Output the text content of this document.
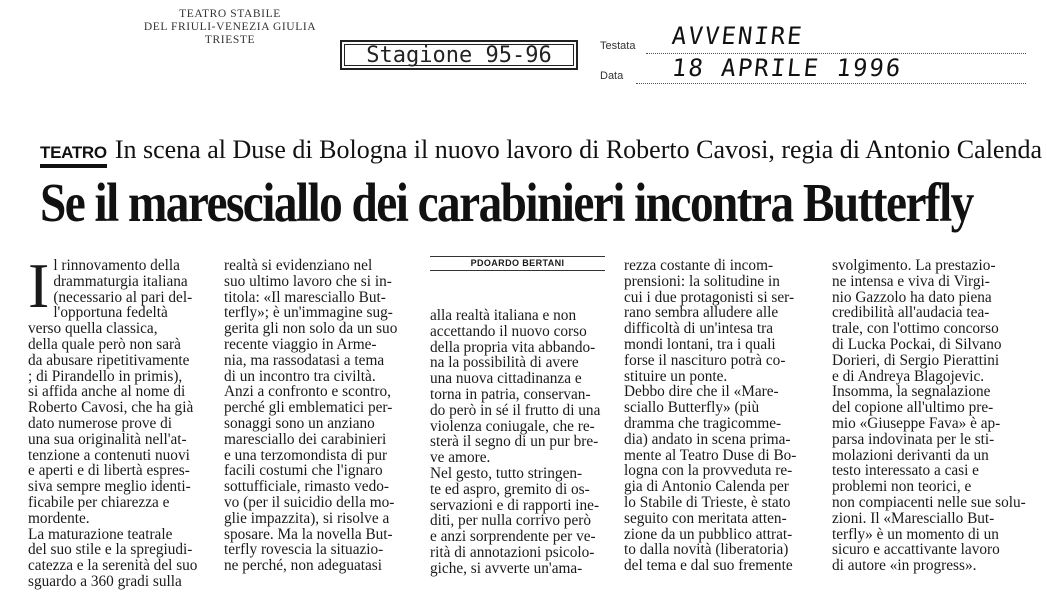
TEATRO STABILE
DEL FRIULI-VENEZIA GIULIA
TRIESTE
Stagione 95-96	Testata AVVENIRE
Data 18 APRILE 1996
TEATRO In scena al Duse di Bologna il nuovo lavoro di Roberto Cavosi, regia di Antonio Calenda
Se il maresciallo dei carabinieri incontra Butterfly
PDOARDO BERTANI
I l rinnovamento della
drammaturgia italiana
(necessario al pari del-
l'opportuna fedeltà
verso quella classica,
della quale però non sarà
da abusare ripetitivamente
; di Pirandello in primis),
si affida anche al nome di
Roberto Cavosi, che ha già
dato numerose prove di
una sua originalità nell'at-
tenzione a contenuti nuovi
e aperti e di libertà espres-
siva sempre meglio identi-
ficabile per chiarezza e
mordente.
La maturazione teatrale
del suo stile e la spregiudi-
catezza e la serenità del suo
sguardo a 360 gradi sulla
realtà si evidenziano nel
suo ultimo lavoro che si in-
titola: «Il maresciallo But-
terfly»; è un'immagine sug-
gerita gli non solo da un suo
recente viaggio in Arme-
nia, ma rassodatasi a tema
di un incontro tra civiltà.
Anzi a confronto e scontro,
perché gli emblematici per-
sonaggi sono un anziano
maresciallo dei carabinieri
e una terzomondista di pur
facili costumi che l'ignaro
sottufficiale, rimasto vedo-
vo (per il suicidio della mo-
glie impazzita), si risolve a
sposare. Ma la novella But-
terfly rovescia la situazio-
ne perché, non adeguatasi
alla realtà italiana e non
accettando il nuovo corso
della propria vita abbando-
na la possibilità di avere
una nuova cittadinanza e
torna in patria, conservan-
do però in sé il frutto di una
violenza coniugale, che re-
sterà il segno di un pur bre-
ve amore.
Nel gesto, tutto stringen-
te ed aspro, gremito di os-
servazioni e di rapporti ine-
diti, per nulla corrivo però
e anzi sorprendente per ve-
rità di annotazioni psicolo-
giche, si avverte un'ama-
rezza costante di incom-
prensioni: la solitudine in
cui i due protagonisti si ser-
rano sembra alludere alle
difficoltà di un'intesa tra
mondi lontani, tra i quali
forse il nascituro potrà co-
stituire un ponte.
Debbo dire che il «Mare-
sciallo Butterfly» (più
dramma che tragicomme-
dia) andato in scena prima-
mente al Teatro Duse di Bo-
logna con la provveduta re-
gia di Antonio Calenda per
lo Stabile di Trieste, è stato
seguito con meritata atten-
zione da un pubblico attrat-
to dalla novità (liberatoria)
del tema e dal suo fremente
svolgimento. La prestazio-
ne intensa e viva di Virgi-
nio Gazzolo ha dato piena
credibilità all'audacia tea-
trale, con l'ottimo concorso
di Lucka Pockai, di Silvano
Dorieri, di Sergio Pierattini
e di Andreya Blagojevic.
Insomma, la segnalazione
del copione all'ultimo pre-
mio «Giuseppe Fava» è ap-
parsa indovinata per le sti-
molazioni derivanti da un
testo interessato a casi e
problemi non teorici, e
non compiacenti nelle sue solu-
zioni. Il «Maresciallo But-
terfly» è un momento di un
sicuro e accattivante lavoro
di autore «in progress».
